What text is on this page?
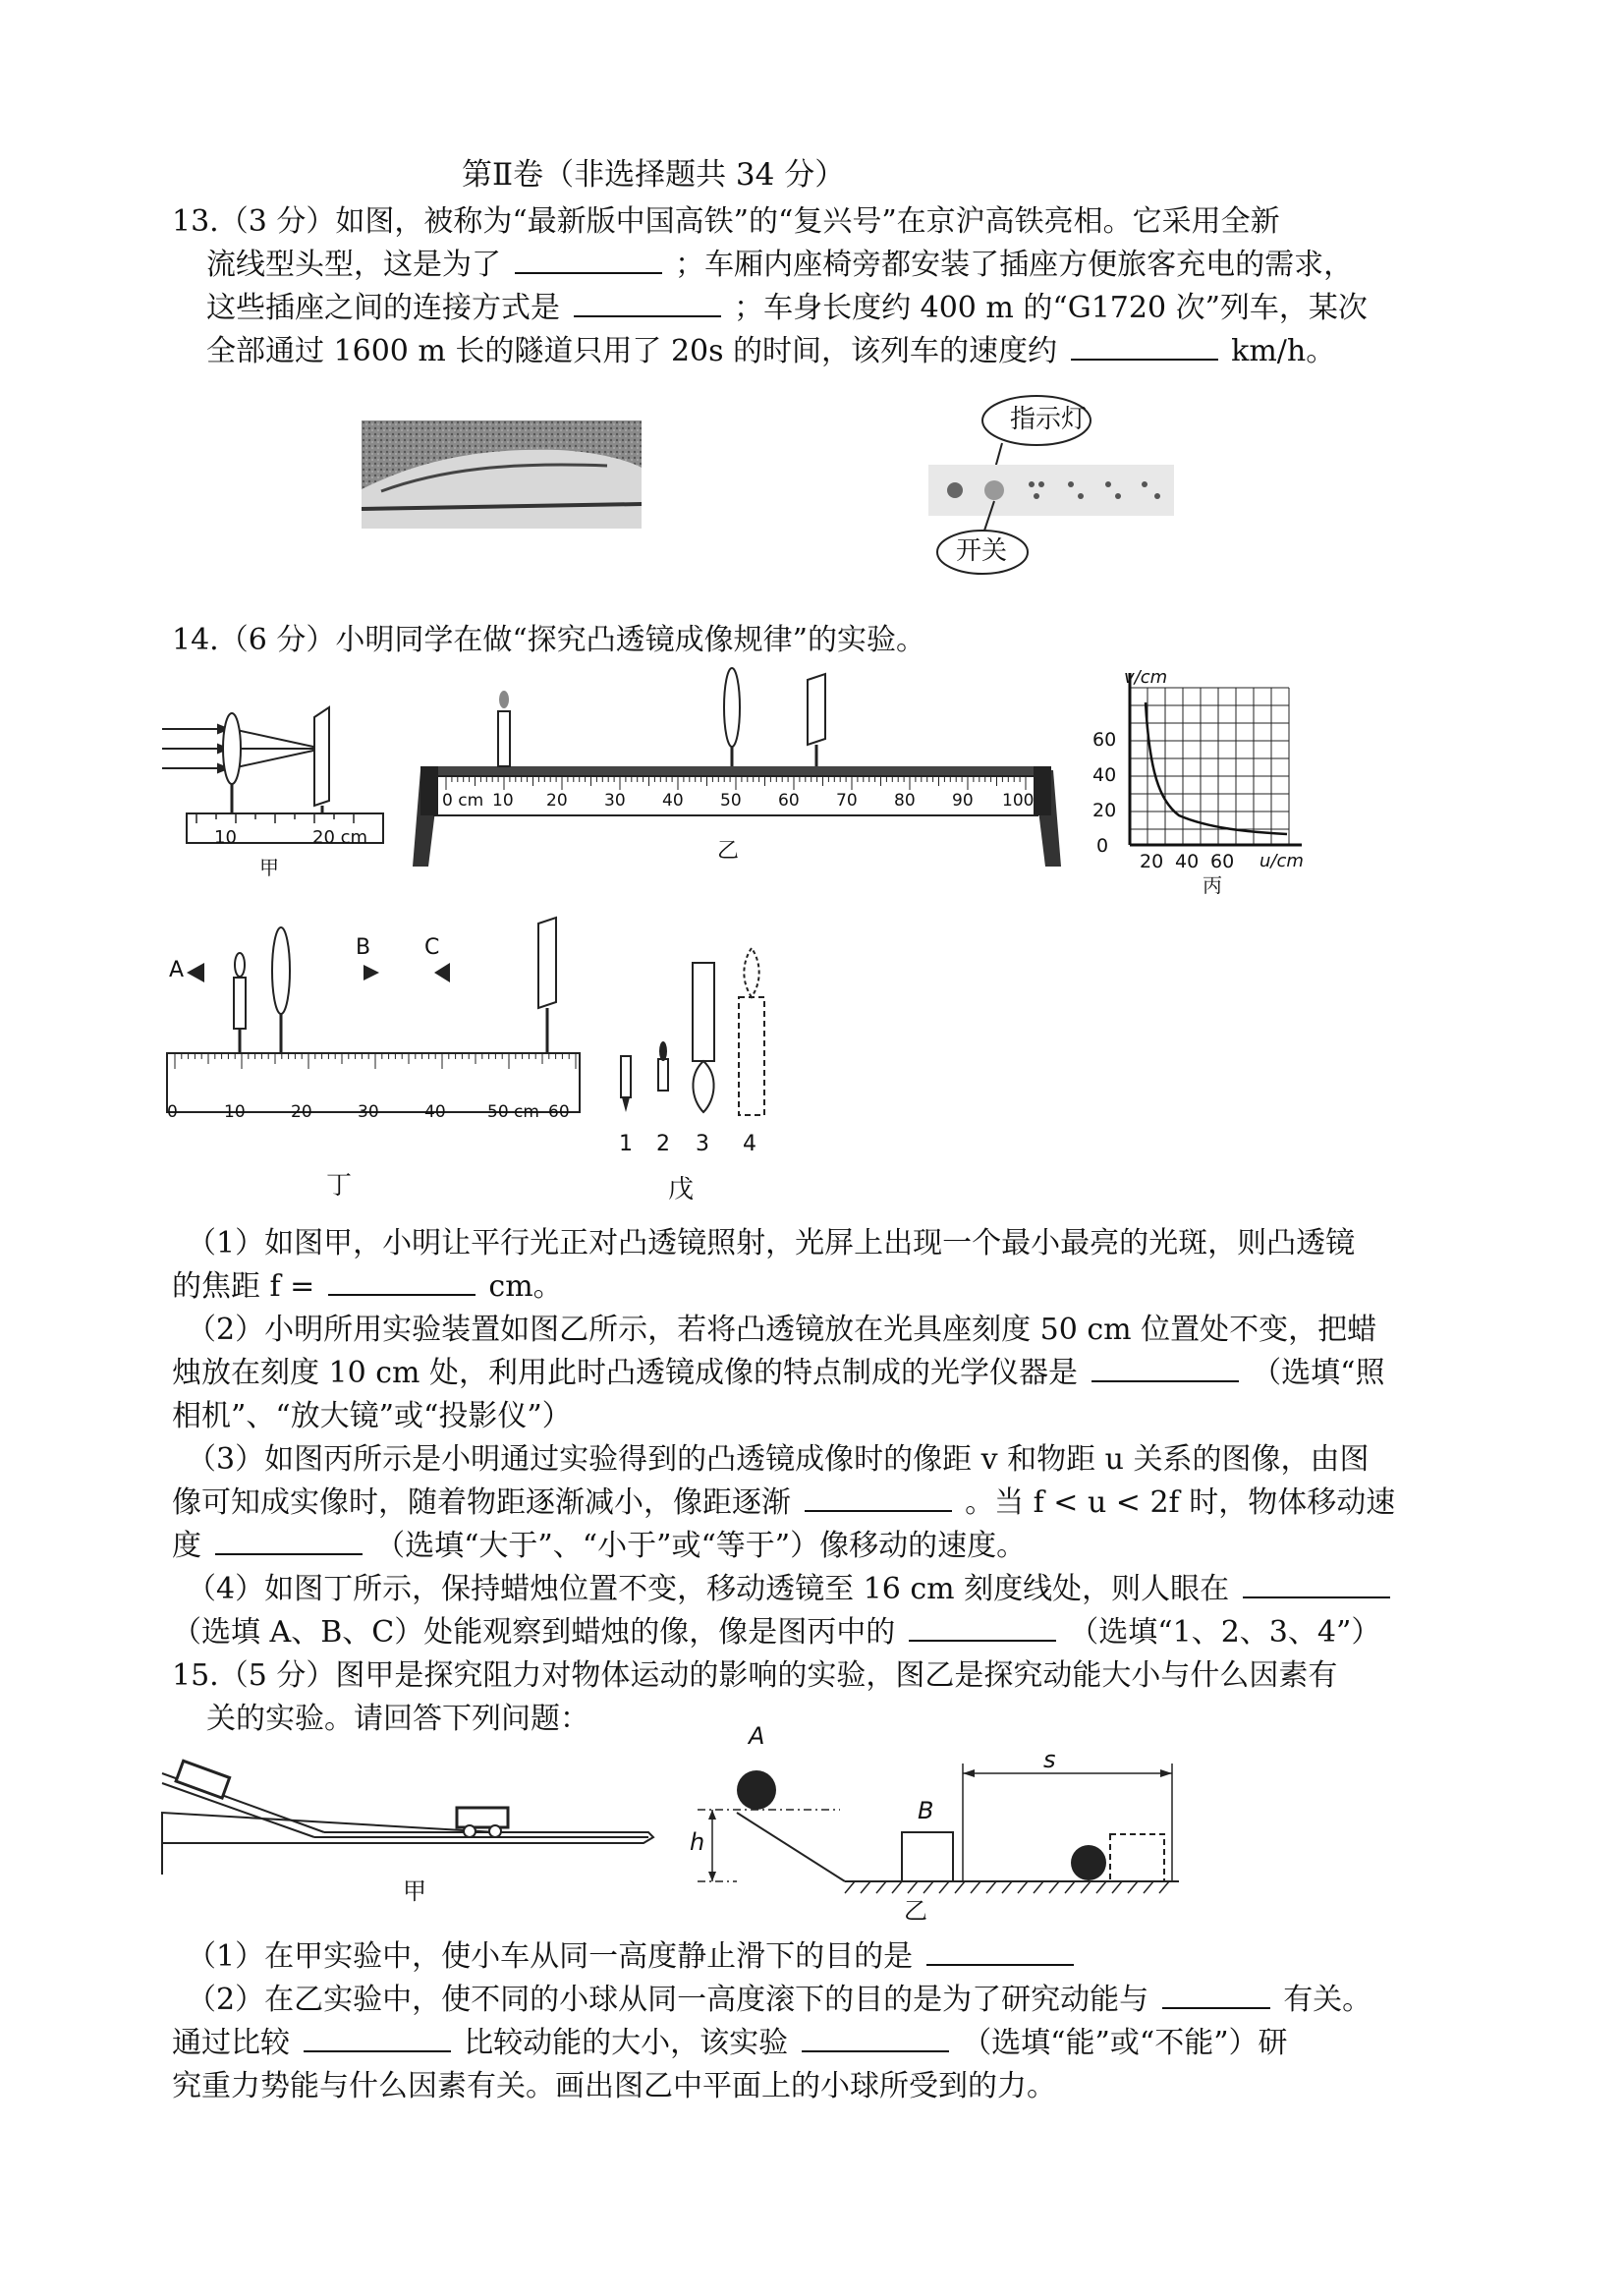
第Ⅱ卷（非选择题共 34 分）
13.（3 分）如图，被称为“最新版中国高铁”的“复兴号”在京沪高铁亮相。它采用全新
流线型头型，这是为了	；车厢内座椅旁都安装了插座方便旅客充电的需求，
这些插座之间的连接方式是	；车身长度约 400 m 的“G1720 次”列车，某次
全部通过 1600 m 长的隧道只用了 20s 的时间，该列车的速度约	km/h。
指示灯
开关
14.（6 分）小明同学在做“探究凸透镜成像规律”的实验。
10	20 cm
甲
0 cm 10 20 30 40 50 60 70 80 90 100
乙
v/cm
60
40
20
0
20 40 60 u/cm
丙
A
B C
0	10	20	30	40 50 cm 60
丁
1 2 3 4
戊
（1）如图甲，小明让平行光正对凸透镜照射，光屏上出现一个最小最亮的光斑，则凸透镜
的焦距 f =	cm。
（2）小明所用实验装置如图乙所示，若将凸透镜放在光具座刻度 50 cm 位置处不变，把蜡
烛放在刻度 10 cm 处，利用此时凸透镜成像的特点制成的光学仪器是	（选填“照
相机”、“放大镜”或“投影仪”）
（3）如图丙所示是小明通过实验得到的凸透镜成像时的像距 v 和物距 u 关系的图像，由图
像可知成实像时，随着物距逐渐减小，像距逐渐	。当 f < u < 2f 时，物体移动速
度	（选填“大于”、“小于”或“等于”）像移动的速度。
（4）如图丁所示，保持蜡烛位置不变，移动透镜至 16 cm 刻度线处，则人眼在
（选填 A、B、C）处能观察到蜡烛的像，像是图丙中的	（选填“1、2、3、4”）
15.（5 分）图甲是探究阻力对物体运动的影响的实验，图乙是探究动能大小与什么因素有
关的实验。请回答下列问题：
甲
A
h
B
s
乙
（1）在甲实验中，使小车从同一高度静止滑下的目的是
（2）在乙实验中，使不同的小球从同一高度滚下的目的是为了研究动能与	有关。
通过比较	比较动能的大小，该实验	（选填“能”或“不能”）研
究重力势能与什么因素有关。画出图乙中平面上的小球所受到的力。
